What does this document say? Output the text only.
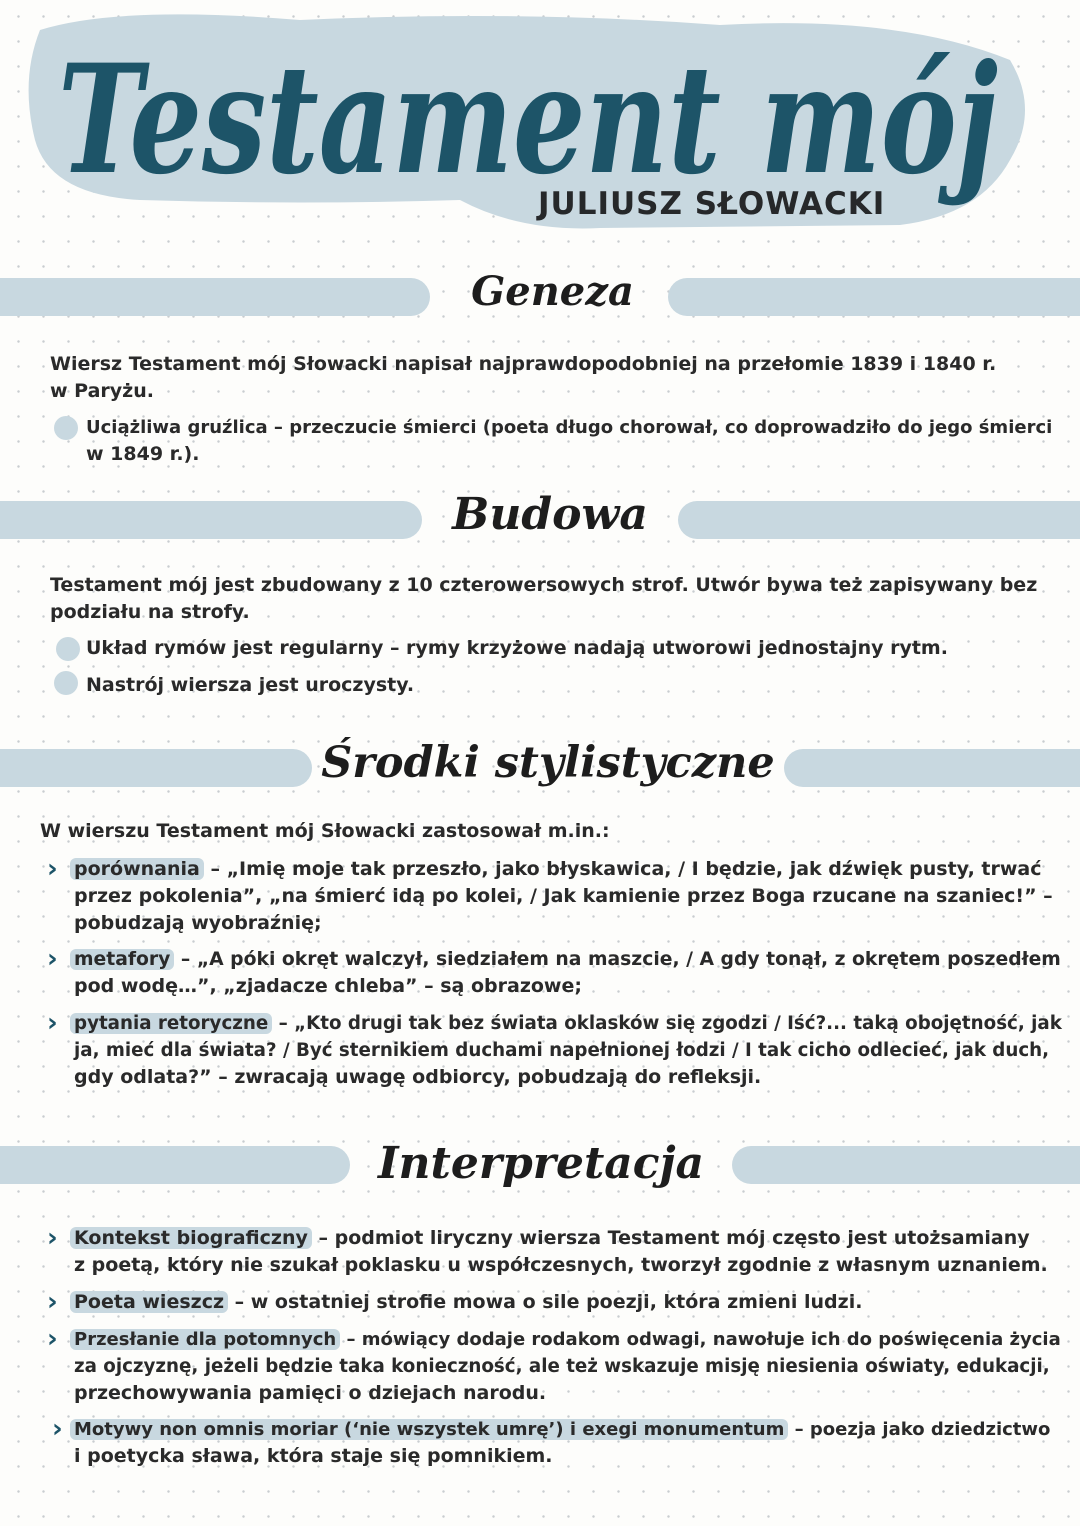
Testament mój
JULIUSZ SŁOWACKI
Geneza
Wiersz Testament mój Słowacki napisał najprawdopodobniej na przełomie 1839 i 1840 r.
w Paryżu.
Uciążliwa gruźlica – przeczucie śmierci (poeta długo chorował, co doprowadziło do jego śmierci
w 1849 r.).
Budowa
Testament mój jest zbudowany z 10 czterowersowych strof. Utwór bywa też zapisywany bez
podziału na strofy.
Układ rymów jest regularny – rymy krzyżowe nadają utworowi jednostajny rytm.
Nastrój wiersza jest uroczysty.
Środki stylistyczne
W wierszu Testament mój Słowacki zastosował m.in.:
› porównania – „Imię moje tak przeszło, jako błyskawica, / I będzie, jak dźwięk pusty, trwać
przez pokolenia”, „na śmierć idą po kolei, / Jak kamienie przez Boga rzucane na szaniec!” –
pobudzają wyobraźnię;
› metafory – „A póki okręt walczył, siedziałem na maszcie, / A gdy tonął, z okrętem poszedłem
pod wodę…”, „zjadacze chleba” – są obrazowe;
› pytania retoryczne – „Kto drugi tak bez świata oklasków się zgodzi / Iść?... taką obojętność, jak
ja, mieć dla świata? / Być sternikiem duchami napełnionej łodzi / I tak cicho odlecieć, jak duch,
gdy odlata?” – zwracają uwagę odbiorcy, pobudzają do refleksji.
Interpretacja
› Kontekst biograficzny – podmiot liryczny wiersza Testament mój często jest utożsamiany
z poetą, który nie szukał poklasku u współczesnych, tworzył zgodnie z własnym uznaniem.
› Poeta wieszcz – w ostatniej strofie mowa o sile poezji, która zmieni ludzi.
› Przesłanie dla potomnych – mówiący dodaje rodakom odwagi, nawołuje ich do poświęcenia życia
za ojczyznę, jeżeli będzie taka konieczność, ale też wskazuje misję niesienia oświaty, edukacji,
przechowywania pamięci o dziejach narodu.
› Motywy non omnis moriar (‘nie wszystek umrę’) i exegi monumentum – poezja jako dziedzictwo
i poetycka sława, która staje się pomnikiem.
